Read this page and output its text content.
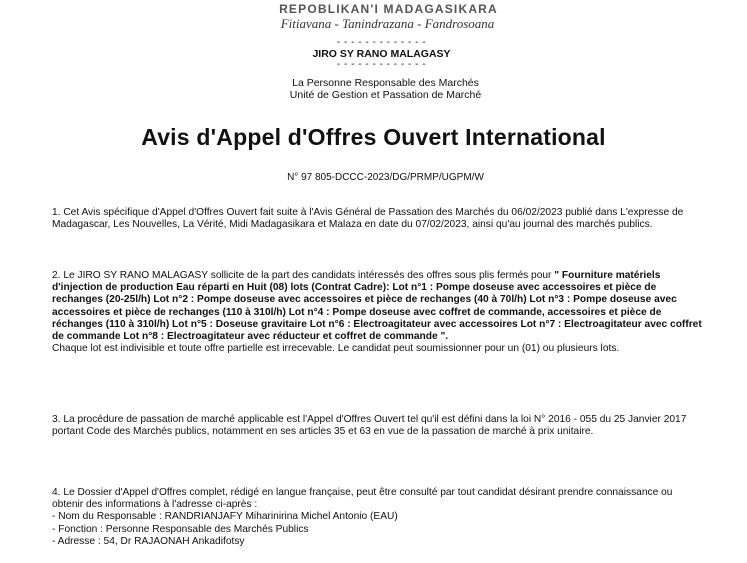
REPOBLIKAN'I MADAGASIKARA
Fitiavana - Tanindrazana - Fandrosoana
- - - - - - - - - - - - -
JIRO SY RANO MALAGASY
- - - - - - - - - - - - -
La Personne Responsable des Marchés
Unité de Gestion et Passation de Marché
Avis d'Appel d'Offres Ouvert International
N° 97 805-DCCC-2023/DG/PRMP/UGPM/W
1. Cet Avis spécifique d'Appel d'Offres Ouvert fait suite à l'Avis Général de Passation des Marchés du 06/02/2023 publié dans L'expresse de Madagascar, Les Nouvelles, La Vérité, Midi Madagasikara et Malaza en date du 07/02/2023, ainsi qu'au journal des marchés publics.
2. Le JIRO SY RANO MALAGASY sollicite de la part des candidats intéressés des offres sous plis fermés pour " Fourniture matériels d'injection de production Eau réparti en Huit (08) lots (Contrat Cadre): Lot n°1 : Pompe doseuse avec accessoires et pièce de rechanges (20-25l/h) Lot n°2 : Pompe doseuse avec accessoires et pièce de rechanges (40 à 70l/h) Lot n°3 : Pompe doseuse avec accessoires et pièce de rechanges (110 à 310l/h) Lot n°4 : Pompe doseuse avec coffret de commande, accessoires et pièce de réchanges (110 à 310l/h) Lot n°5 : Doseuse gravitaire Lot n°6 : Electroagitateur avec accessoires Lot n°7 : Electroagitateur avec coffret de commande Lot n°8 : Electroagitateur avec réducteur et coffret de commande ".
Chaque lot est indivisible et toute offre partielle est irrecevable. Le candidat peut soumissionner pour un (01) ou plusieurs lots.
3. La procédure de passation de marché applicable est l'Appel d'Offres Ouvert tel qu'il est défini dans la loi N° 2016 - 055 du 25 Janvier 2017 portant Code des Marchés publics, notamment en ses articles 35 et 63 en vue de la passation de marché à prix unitaire.
4. Le Dossier d'Appel d'Offres complet, rédigé en langue française, peut être consulté par tout candidat désirant prendre connaissance ou obtenir des informations à l'adresse ci-après :
- Nom du Responsable : RANDRIANJAFY Miharinirina Michel Antonio (EAU)
- Fonction : Personne Responsable des Marchés Publics
- Adresse : 54, Dr RAJAONAH Ankadifotsy
